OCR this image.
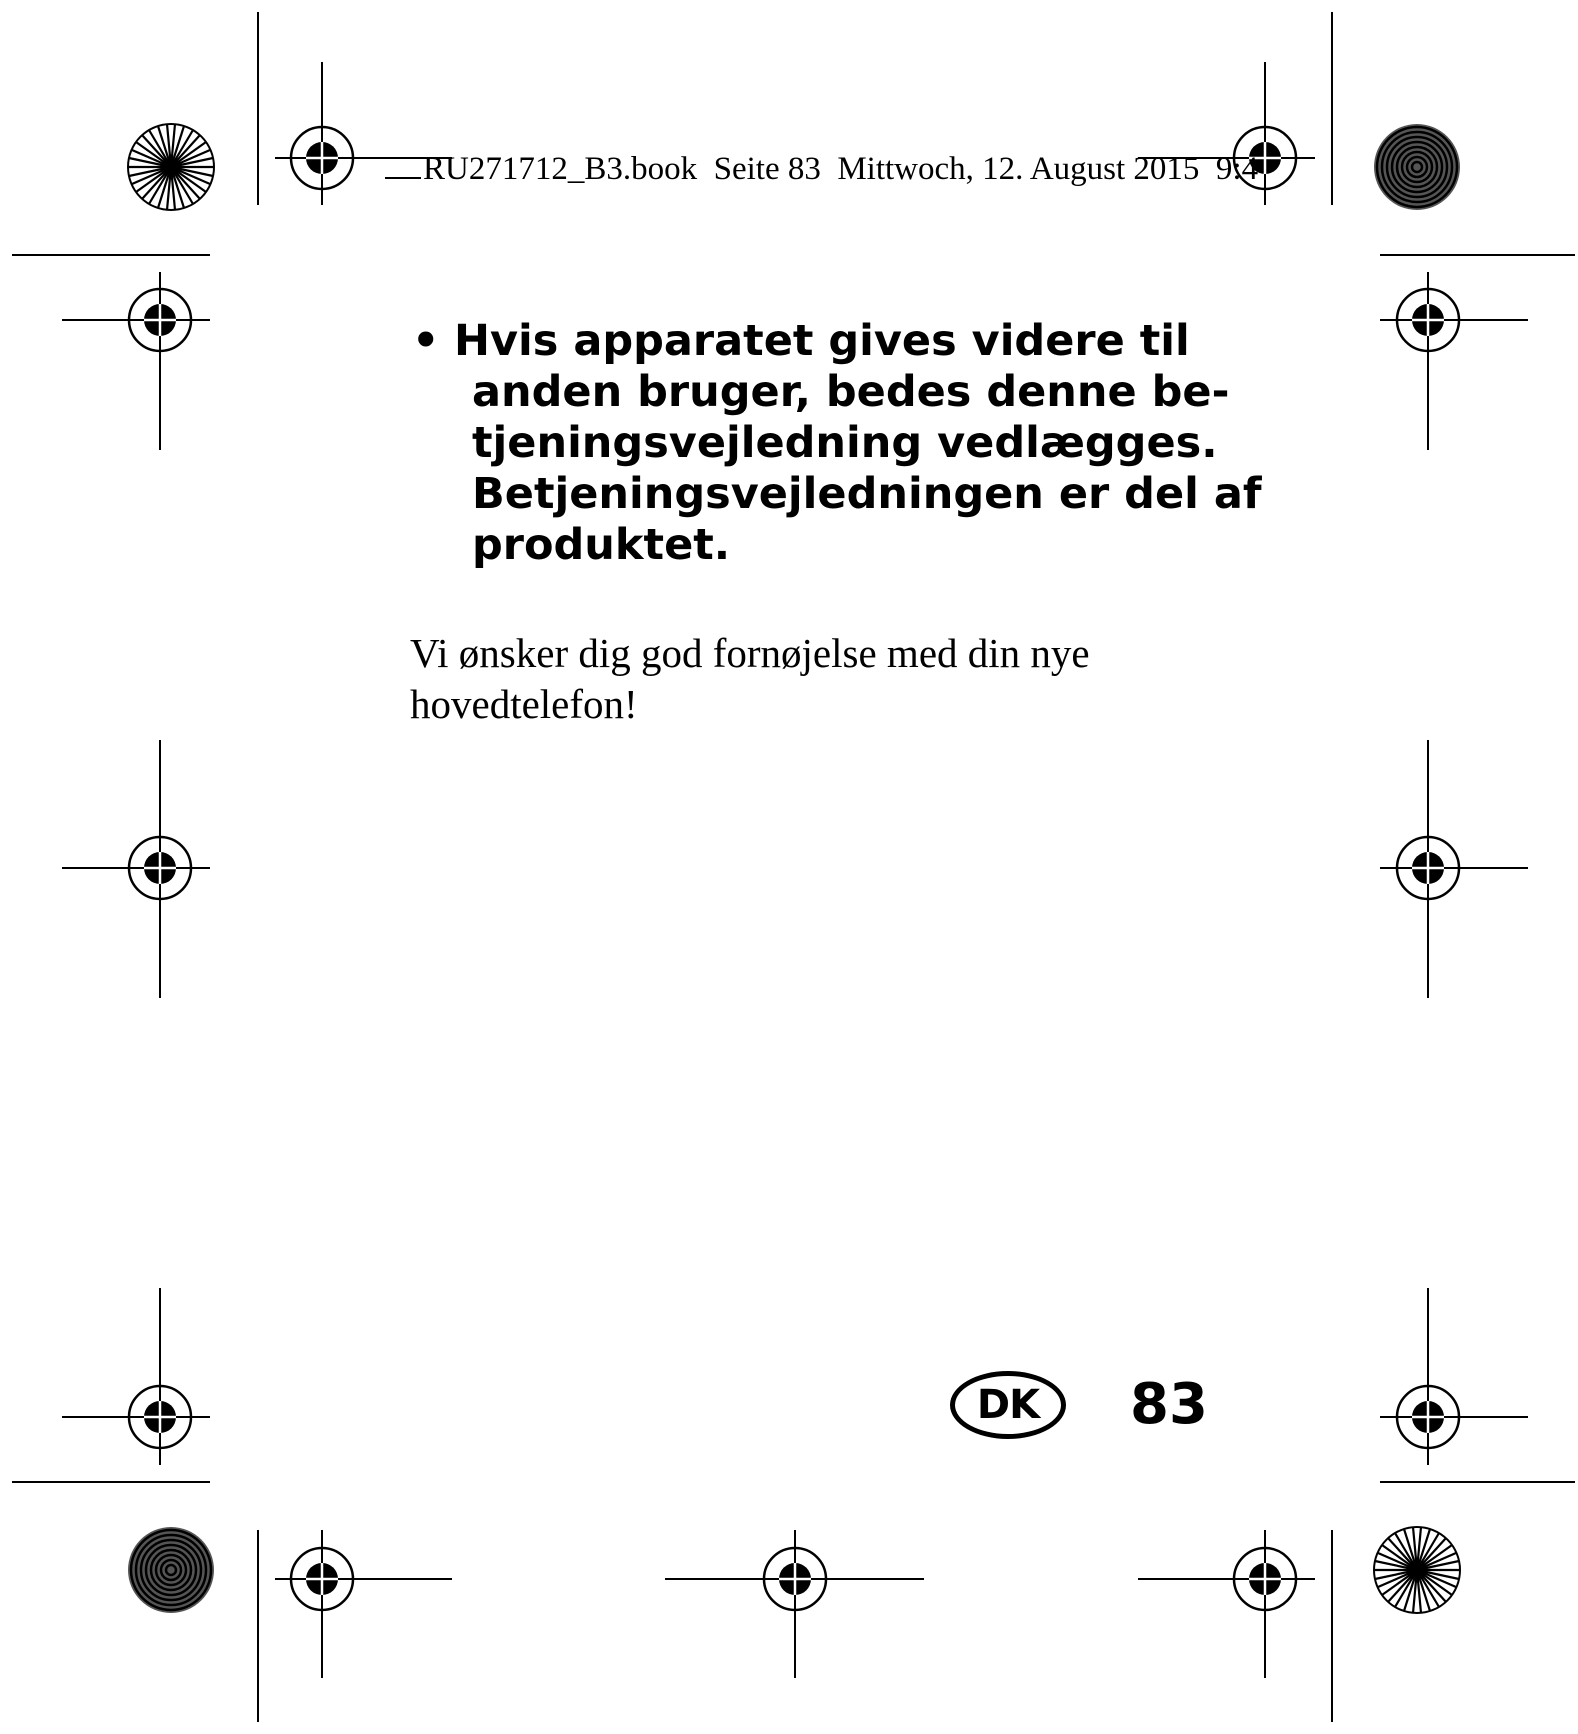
RU271712_B3.book  Seite 83  Mittwoch, 12. August 2015  9:4
• Hvis apparatet gives videre til
anden bruger, bedes denne be-
tjeningsvejledning vedlægges.
Betjeningsvejledningen er del af
produktet.
Vi ønsker dig god fornøjelse med din nye
hovedtelefon!
DK	83
